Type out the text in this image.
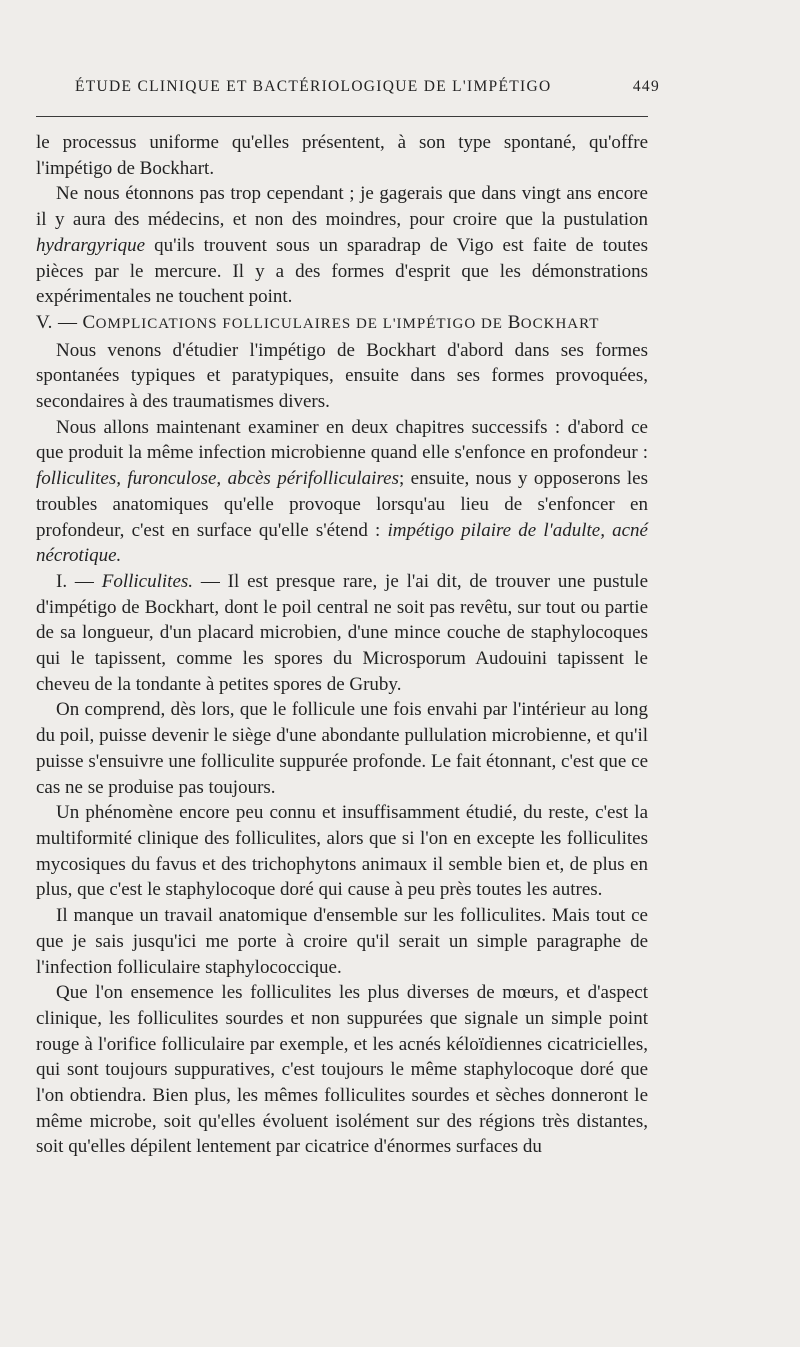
ÉTUDE CLINIQUE ET BACTÉRIOLOGIQUE DE L'IMPÉTIGO	449

le processus uniforme qu'elles présentent, à son type spontané, qu'offre l'impétigo de Bockhart.

Ne nous étonnons pas trop cependant ; je gagerais que dans vingt ans encore il y aura des médecins, et non des moindres, pour croire que la pustulation hydrargyrique qu'ils trouvent sous un sparadrap de Vigo est faite de toutes pièces par le mercure. Il y a des formes d'esprit que les démonstrations expérimentales ne touchent point.

V. — COMPLICATIONS FOLLICULAIRES DE L'IMPÉTIGO DE BOCKHART

Nous venons d'étudier l'impétigo de Bockhart d'abord dans ses formes spontanées typiques et paratypiques, ensuite dans ses formes provoquées, secondaires à des traumatismes divers.

Nous allons maintenant examiner en deux chapitres successifs : d'abord ce que produit la même infection microbienne quand elle s'enfonce en profondeur : folliculites, furonculose, abcès périfolliculaires; ensuite, nous y opposerons les troubles anatomiques qu'elle provoque lorsqu'au lieu de s'enfoncer en profondeur, c'est en surface qu'elle s'étend : impétigo pilaire de l'adulte, acné nécrotique.

I. — Folliculites. — Il est presque rare, je l'ai dit, de trouver une pustule d'impétigo de Bockhart, dont le poil central ne soit pas revêtu, sur tout ou partie de sa longueur, d'un placard microbien, d'une mince couche de staphylocoques qui le tapissent, comme les spores du Microsporum Audouini tapissent le cheveu de la tondante à petites spores de Gruby.

On comprend, dès lors, que le follicule une fois envahi par l'intérieur au long du poil, puisse devenir le siège d'une abondante pullulation microbienne, et qu'il puisse s'ensuivre une folliculite suppurée profonde. Le fait étonnant, c'est que ce cas ne se produise pas toujours.

Un phénomène encore peu connu et insuffisamment étudié, du reste, c'est la multiformité clinique des folliculites, alors que si l'on en excepte les folliculites mycosiques du favus et des trichophytons animaux il semble bien et, de plus en plus, que c'est le staphylocoque doré qui cause à peu près toutes les autres.

Il manque un travail anatomique d'ensemble sur les folliculites. Mais tout ce que je sais jusqu'ici me porte à croire qu'il serait un simple paragraphe de l'infection folliculaire staphylococcique.

Que l'on ensemence les folliculites les plus diverses de mœurs, et d'aspect clinique, les folliculites sourdes et non suppurées que signale un simple point rouge à l'orifice folliculaire par exemple, et les acnés kéloïdiennes cicatricielles, qui sont toujours suppuratives, c'est toujours le même staphylocoque doré que l'on obtiendra. Bien plus, les mêmes folliculites sourdes et sèches donneront le même microbe, soit qu'elles évoluent isolément sur des régions très distantes, soit qu'elles dépilent lentement par cicatrice d'énormes surfaces du
